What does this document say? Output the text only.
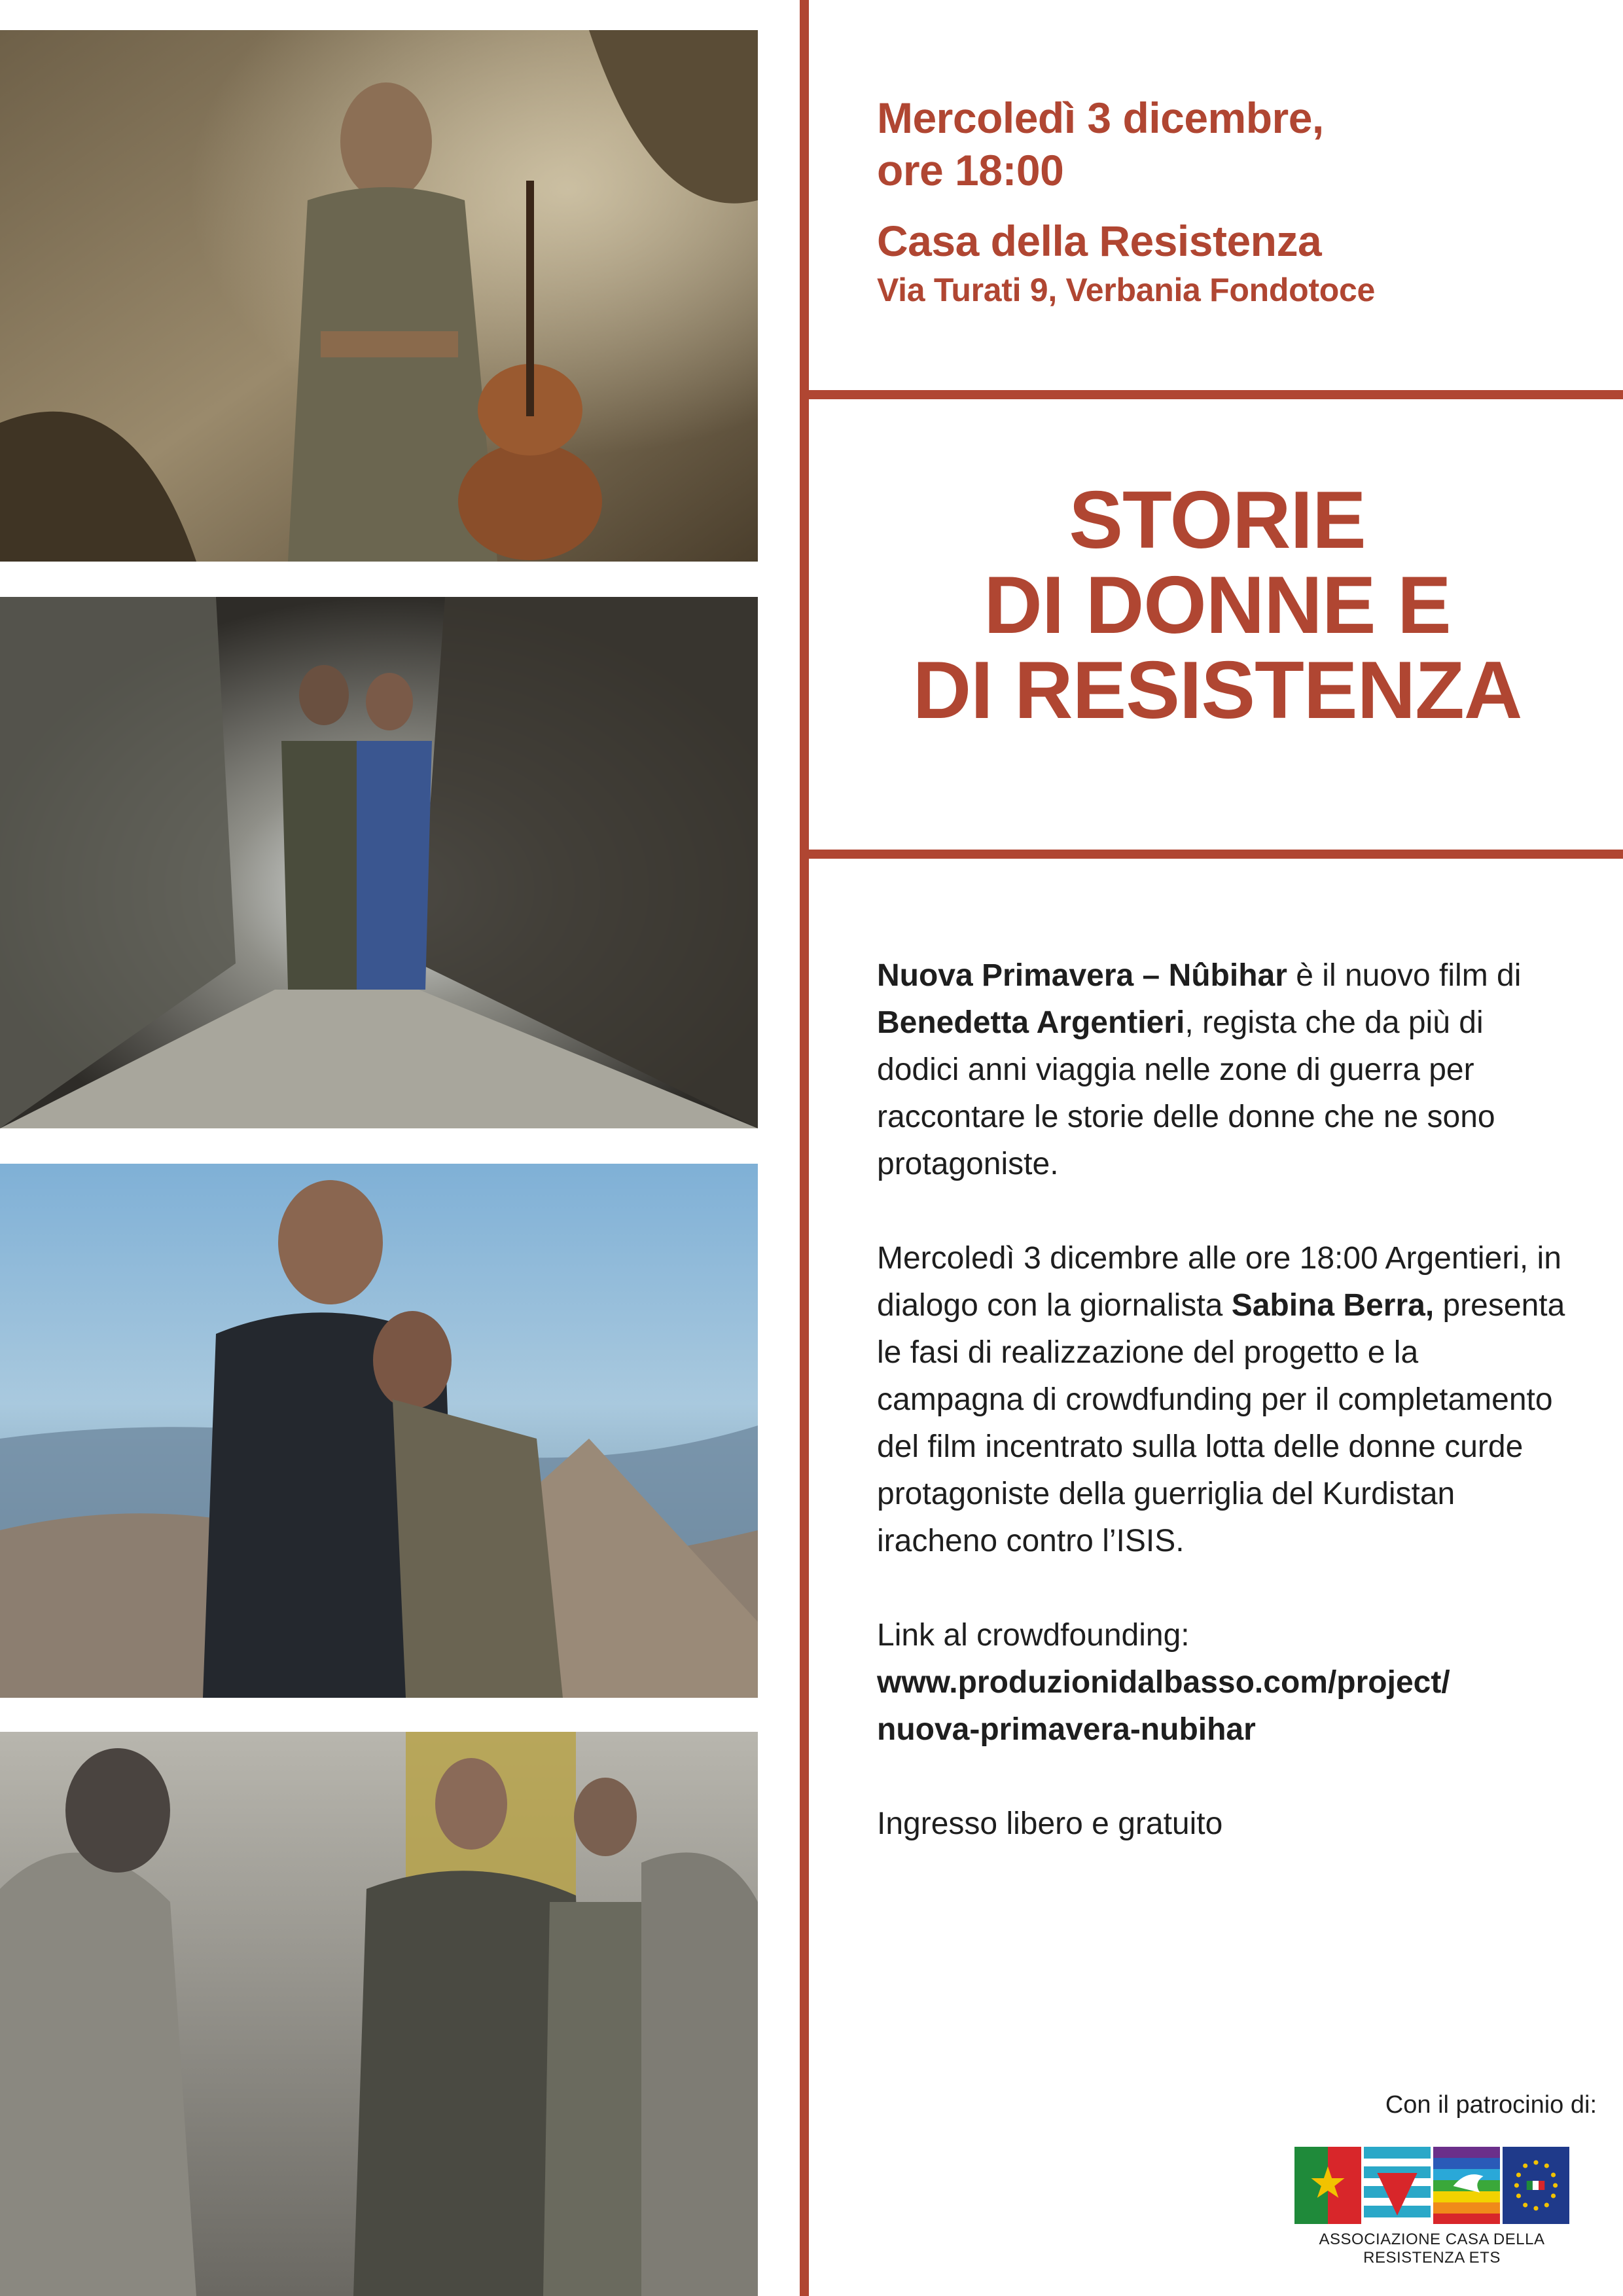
Mercoledì 3 dicembre,
ore 18:00
Casa della Resistenza
Via Turati 9, Verbania Fondotoce
STORIE
DI DONNE E
DI RESISTENZA

Nuova Primavera – Nûbihar è il nuovo film di Benedetta Argentieri, regista che da più di dodici anni viaggia nelle zone di guerra per raccontare le storie delle donne che ne sono protagoniste.

Mercoledì 3 dicembre alle ore 18:00 Argentieri, in dialogo con la giornalista Sabina Berra, presenta le fasi di realizzazione del progetto e la campagna di crowdfunding per il completamento del film incentrato sulla lotta delle donne curde protagoniste della guerriglia del Kurdistan iracheno contro l’ISIS.

Link al crowdfounding:
www.produzionidalbasso.com/project/
nuova-primavera-nubihar

Ingresso libero e gratuito

Con il patrocinio di:
ASSOCIAZIONE CASA DELLA RESISTENZA ETS
